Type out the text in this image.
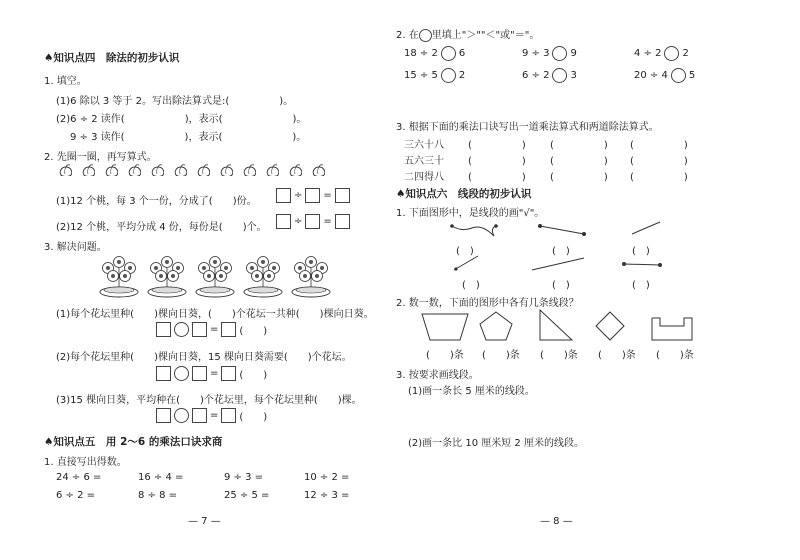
♠知识点四　除法的初步认识
1. 填空。
(1)6 除以 3 等于 2。写出除法算式是:(　　　　　)。
(2)6 ÷ 2 读作(　　　　　　)，表示(　　　　　　　)。
9 ÷ 3 读作(　　　　　　)，表示(　　　　　　　)。
2. 先圈一圈，再写算式。
(1)12 个桃，每 3 个一份，分成了(　　)份。
÷ =
(2)12 个桃，平均分成 4 份，每份是(　　)个。
÷ =
3. 解决问题。
(1)每个花坛里种(　　)棵向日葵，(　　)个花坛一共种(　　)棵向日葵。
= (　　)
(2)每个花坛里种(　　)棵向日葵，15 棵向日葵需要(　　)个花坛。
= (　　)
(3)15 棵向日葵，平均种在(　　)个花坛里，每个花坛里种(　　)棵。
= (　　)
♠知识点五　用 2～6 的乘法口诀求商
1. 直接写出得数。
24 ÷ 6 =	16 ÷ 4 =	9 ÷ 3 =	10 ÷ 2 =
6 ÷ 2 =	8 ÷ 8 =	25 ÷ 5 =	12 ÷ 3 =
— 7 —
2. 在 里填上"＞""＜"或"＝"。
18 ÷ 2 6	9 ÷ 3 9	4 ÷ 2 2
15 ÷ 5 2	6 ÷ 2 3	20 ÷ 4 5
3. 根据下面的乘法口诀写出一道乘法算式和两道除法算式。
三六十八 (　　　　　) (　　　　　) (　　　　　)
五六三十 (　　　　　) (　　　　　) (　　　　　)
二四得八 (　　　　　) (　　　　　) (　　　　　)
♠知识点六　线段的初步认识
1. 下面图形中，是线段的画"√"。
(　)	(　)	(　)
(　)	(　)	(　)
2. 数一数，下面的图形中各有几条线段？
(　　)条 (　　)条 (　　)条 (　　)条 (　　)条
3. 按要求画线段。
(1)画一条长 5 厘米的线段。
(2)画一条比 10 厘米短 2 厘米的线段。
— 8 —
